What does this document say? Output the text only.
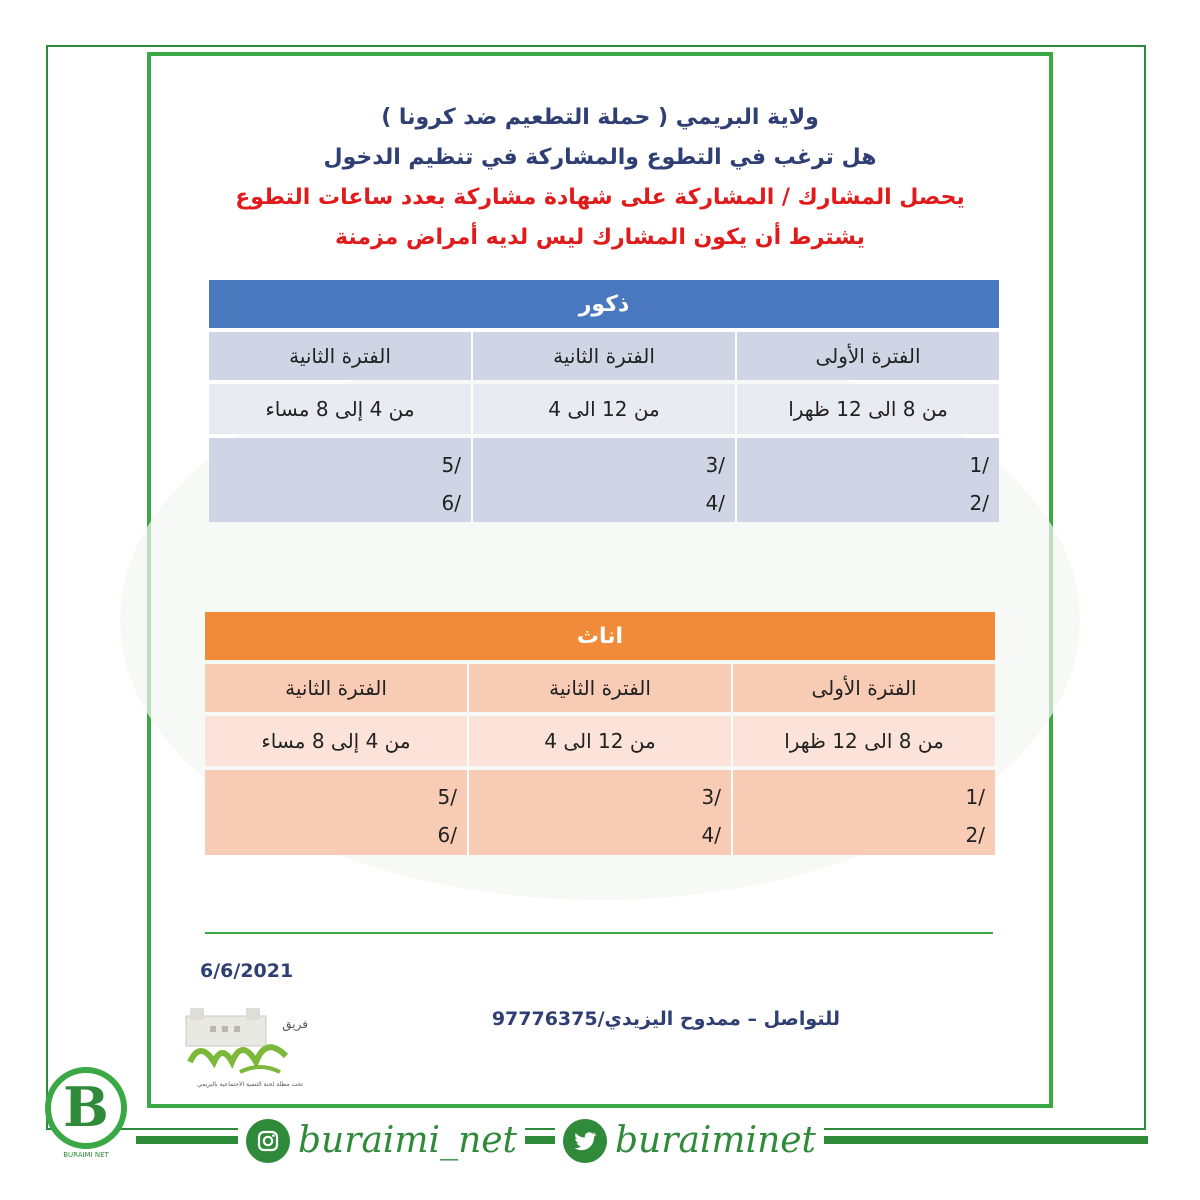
ولاية البريمي ( حملة التطعيم ضد كرونا )
هل ترغب في التطوع والمشاركة في تنظيم الدخول
يحصل المشارك / المشاركة على شهادة مشاركة بعدد ساعات التطوع
يشترط أن يكون المشارك ليس لديه أمراض مزمنة
ذكور
الفترة الأولى
الفترة الثانية
الفترة الثانية
من 8 الى 12 ظهرا
من 12 الى 4
من 4 إلى 8 مساء
/1
/2
/3
/4
/5
/6
اناث
الفترة الأولى
الفترة الثانية
الفترة الثانية
من 8 الى 12 ظهرا
من 12 الى 4
من 4 إلى 8 مساء
/1
/2
/3
/4
/5
/6
6/6/2021
للتواصل – ممدوح اليزيدي/97776375
فريق
تحت مظلة لجنة التنمية الاجتماعية بالبريمي
B
BURAIMI NET	buraimi_net	buraiminet
